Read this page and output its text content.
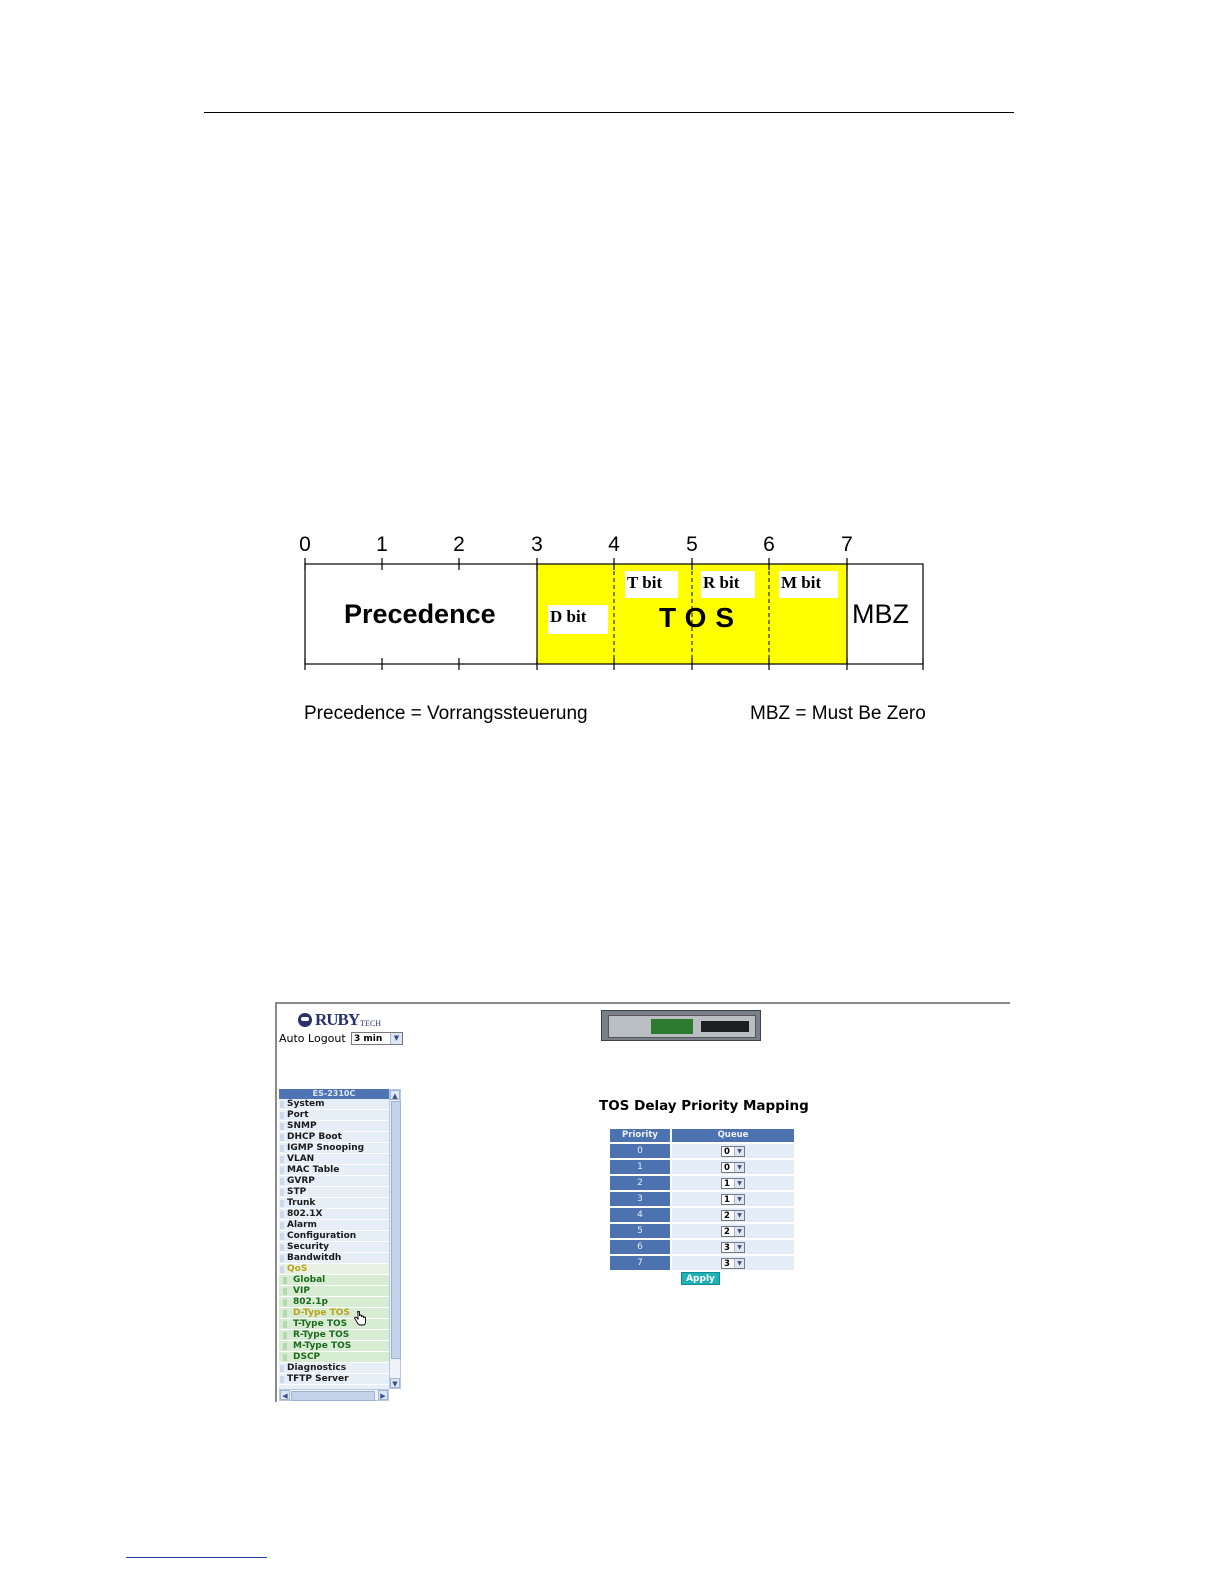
0	1	2	3	4	5	6	7
Precedence	TOS	MBZ
D bit
T bit	R bit	M bit
Precedence = Vorrangssteuerung	MBZ = Must Be Zero
RUBY TECH
Auto Logout 3 min	▼
ES-2310C
System
Port
SNMP
DHCP Boot
IGMP Snooping
VLAN
MAC Table
GVRP
STP
Trunk
802.1X
Alarm
Configuration
Security
Bandwitdh
QoS
Global
VIP
802.1p
D-Type TOS
T-Type TOS
R-Type TOS
M-Type TOS
DSCP
Diagnostics
TFTP Server
▲
▼
◀	▶
TOS Delay Priority Mapping
Priority	Queue
0	0 ▼

1	0 ▼

2	1 ▼

3	1 ▼

4	2 ▼

5	2 ▼

6	3 ▼

7	3 ▼
Apply
